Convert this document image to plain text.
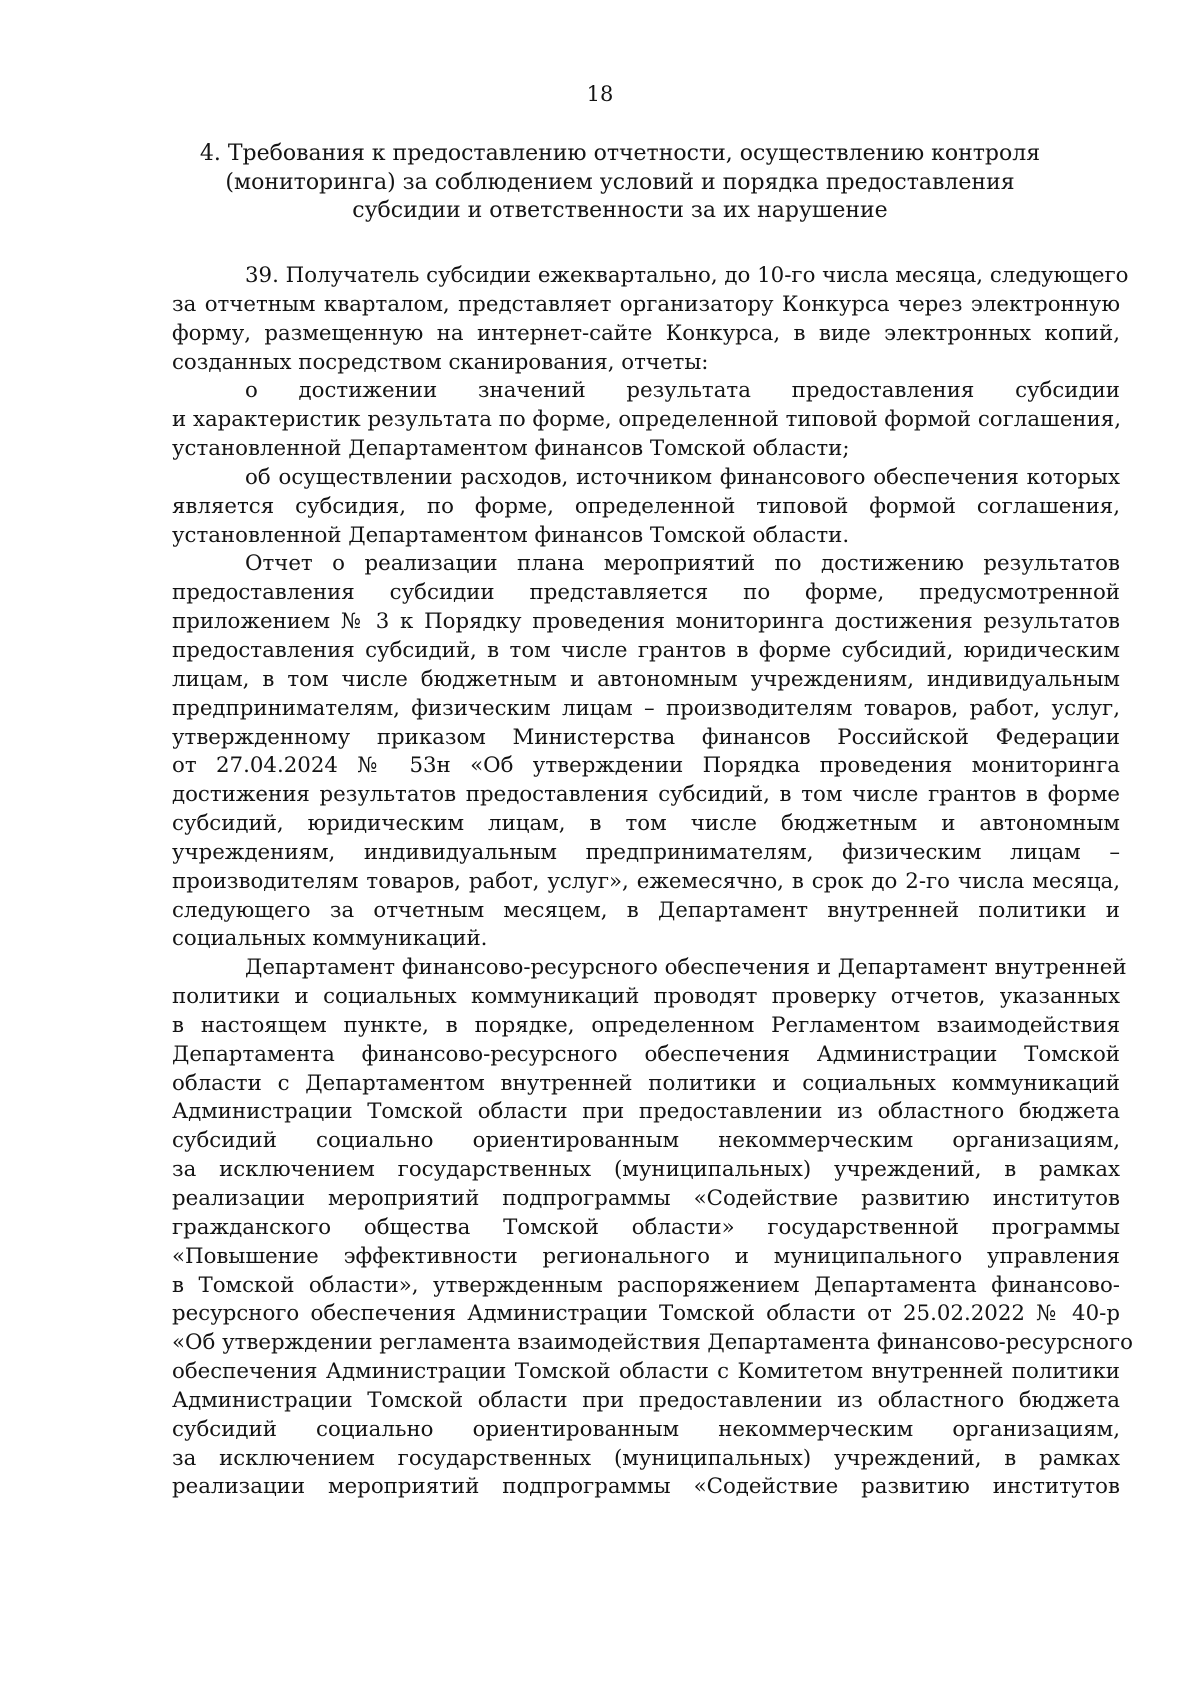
18
4. Требования к предоставлению отчетности, осуществлению контроля
(мониторинга) за соблюдением условий и порядка предоставления
субсидии и ответственности за их нарушение
39. Получатель субсидии ежеквартально, до 10-го числа месяца, следующего
за отчетным кварталом, представляет организатору Конкурса через электронную
форму, размещенную на интернет-сайте Конкурса, в виде электронных копий,
созданных посредством сканирования, отчеты:
о достижении значений результата предоставления субсидии
и характеристик результата по форме, определенной типовой формой соглашения,
установленной Департаментом финансов Томской области;
об осуществлении расходов, источником финансового обеспечения которых
является субсидия, по форме, определенной типовой формой соглашения,
установленной Департаментом финансов Томской области.
Отчет о реализации плана мероприятий по достижению результатов
предоставления субсидии представляется по форме, предусмотренной
приложением № 3 к Порядку проведения мониторинга достижения результатов
предоставления субсидий, в том числе грантов в форме субсидий, юридическим
лицам, в том числе бюджетным и автономным учреждениям, индивидуальным
предпринимателям, физическим лицам – производителям товаров, работ, услуг,
утвержденному приказом Министерства финансов Российской Федерации
от 27.04.2024 № 53н «Об утверждении Порядка проведения мониторинга
достижения результатов предоставления субсидий, в том числе грантов в форме
субсидий, юридическим лицам, в том числе бюджетным и автономным
учреждениям, индивидуальным предпринимателям, физическим лицам –
производителям товаров, работ, услуг», ежемесячно, в срок до 2-го числа месяца,
следующего за отчетным месяцем, в Департамент внутренней политики и
социальных коммуникаций.
Департамент финансово-ресурсного обеспечения и Департамент внутренней
политики и социальных коммуникаций проводят проверку отчетов, указанных
в настоящем пункте, в порядке, определенном Регламентом взаимодействия
Департамента финансово-ресурсного обеспечения Администрации Томской
области с Департаментом внутренней политики и социальных коммуникаций
Администрации Томской области при предоставлении из областного бюджета
субсидий социально ориентированным некоммерческим организациям,
за исключением государственных (муниципальных) учреждений, в рамках
реализации мероприятий подпрограммы «Содействие развитию институтов
гражданского общества Томской области» государственной программы
«Повышение эффективности регионального и муниципального управления
в Томской области», утвержденным распоряжением Департамента финансово-
ресурсного обеспечения Администрации Томской области от 25.02.2022 № 40-р
«Об утверждении регламента взаимодействия Департамента финансово-ресурсного
обеспечения Администрации Томской области с Комитетом внутренней политики
Администрации Томской области при предоставлении из областного бюджета
субсидий социально ориентированным некоммерческим организациям,
за исключением государственных (муниципальных) учреждений, в рамках
реализации мероприятий подпрограммы «Содействие развитию институтов
